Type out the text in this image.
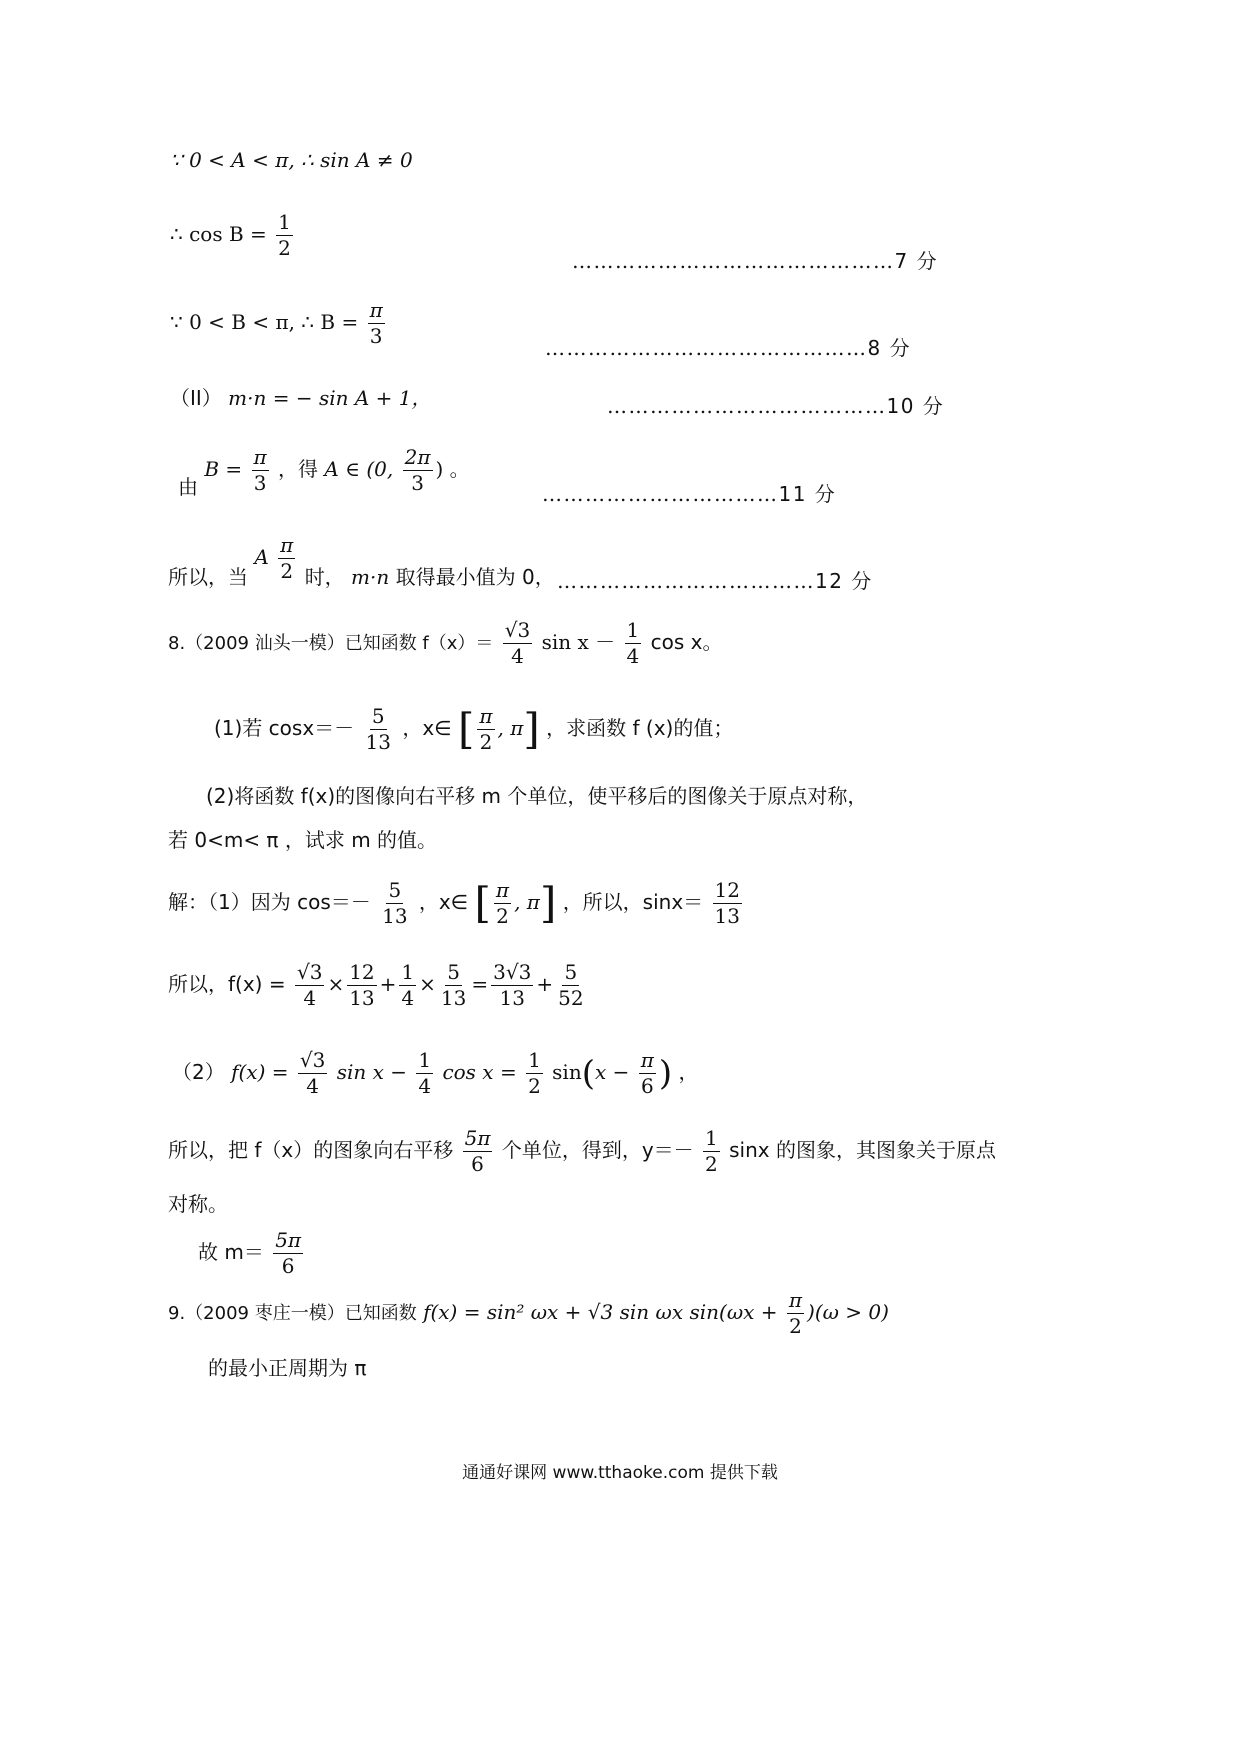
∵ 0 < A < π, ∴ sin A ≠ 0
∴ $\cos B = \frac{1}{2}$
………………………………………7 分
∵ 0 < B < π, ∴ $B = \frac{\pi}{3}$
………………………………………8 分
（II） m·n = − sin A + 1，	…………………………………10 分
由 $B = \frac{\pi}{3}$ ，得 A ∈ (0, $\frac{2\pi}{3}$ ) 。
……………………………11 分
所以，当 A $\frac{\pi}{2}$ 时， m·n 取得最小值为 0， ………………………………12 分
8.（2009 汕头一模）已知函数 $f(x)= \frac{√3}{4}$ $\sin x - \frac{1}{4}$ cos x。
(1)若 $\cos x=- \frac{5}{13}$ ，x∈ [ $\frac{\pi}{2}$ , π] ，求函数 f (x)的值；
(2)将函数 f(x)的图像向右平移 m 个单位，使平移后的图像关于原点对称，
若 0<m< π ，试求 m 的值。
解：（1）因为 $\cos=- \frac{5}{13}$ ，x∈ [ $\frac{\pi}{2}$ , π] ，所以，$\sin x= \frac{12}{13}$
所以，$f(x) = \frac{√3}{4} \times \frac{12}{13} + \frac{1}{4} \times \frac{5}{13} = \frac{3√3}{13} + \frac{5}{52}$
（2） $f(x) = \frac{√3}{4}$ $\sin x - \frac{1}{4}$ $\cos x = \frac{1}{2} \sin(x - \frac{\pi}{6}$ ) ，
所以，把 f（x）的图象向右平移 $\frac{5\pi}{6}$ 个单位，得到，$y=- \frac{1}{2}$ sinx 的图象，其图象关于原点
对称。
故 $m= \frac{5\pi}{6}$
9.（2009 枣庄一模）已知函数 f(x) = sin² ωx + √3 sin ωx $\sin(\omega x + \frac{\pi}{2} )(\omega > 0)$
的最小正周期为 π
通通好课网 www.tthaoke.com 提供下载
